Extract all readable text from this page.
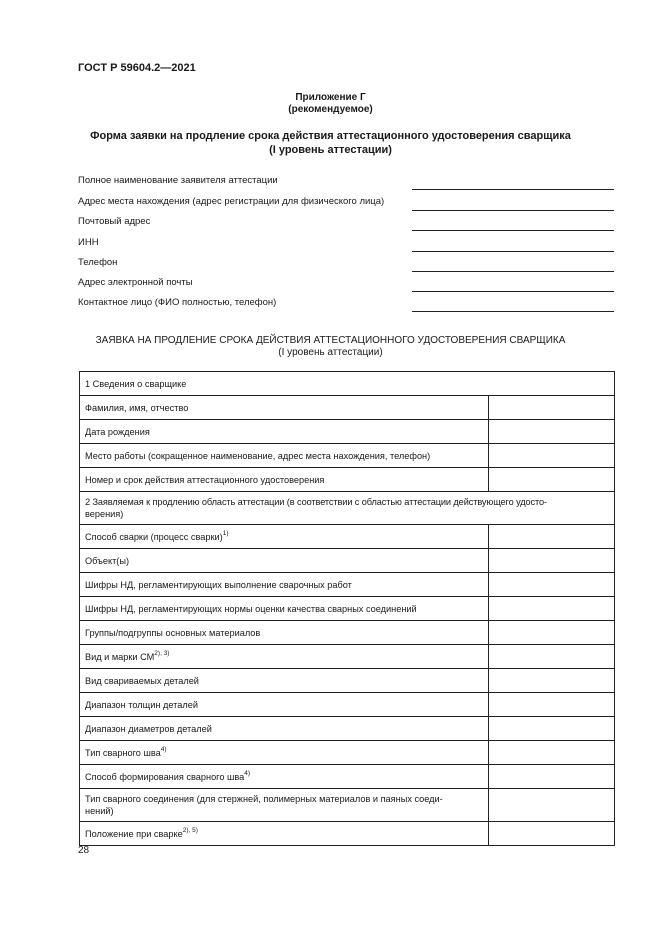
ГОСТ Р 59604.2—2021
Приложение Г
(рекомендуемое)
Форма заявки на продление срока действия аттестационного удостоверения сварщика
(I уровень аттестации)
Полное наименование заявителя аттестации
Адрес места нахождения (адрес регистрации для физического лица)
Почтовый адрес
ИНН
Телефон
Адрес электронной почты
Контактное лицо (ФИО полностью, телефон)
ЗАЯВКА НА ПРОДЛЕНИЕ СРОКА ДЕЙСТВИЯ АТТЕСТАЦИОННОГО УДОСТОВЕРЕНИЯ СВАРЩИКА
(I уровень аттестации)
1 Сведения о сварщике	
Фамилия, имя, отчество	
Дата рождения	
Место работы (сокращенное наименование, адрес места нахождения, телефон)	
Номер и срок действия аттестационного удостоверения	

2 Заявляемая к продлению область аттестации (в соответствии с областью аттестации действующего удосто-
верения)	

Способ сварки (процесс сварки)$^{1)}$	
Объект(ы)	
Шифры НД, регламентирующих выполнение сварочных работ	
Шифры НД, регламентирующих нормы оценки качества сварных соединений	
Группы/подгруппы основных материалов	
Вид и марки $СМ^{2), 3)}$	
Вид свариваемых деталей	
Диапазон толщин деталей	
Диапазон диаметров деталей	
Тип сварного шва$^{4)}$	
Способ формирования сварного шва$^{4)}$	

Тип сварного соединения (для стержней, полимерных материалов и паяных соеди-
нений)	

Положение при сварке$^{2), 5)}$	
28
